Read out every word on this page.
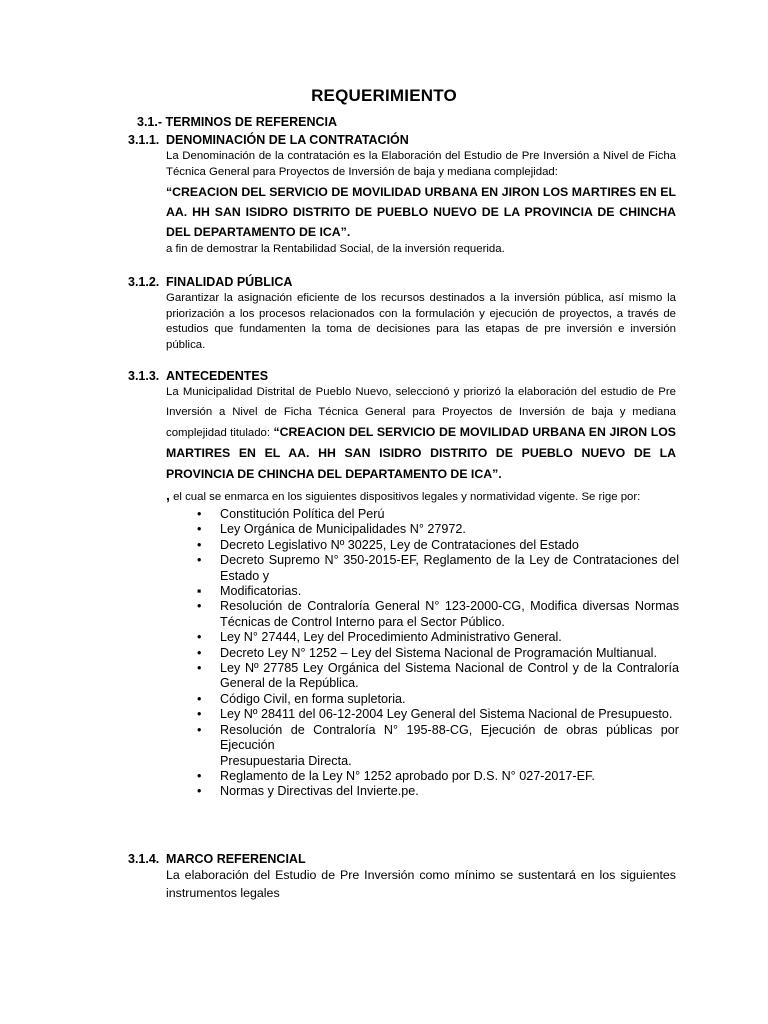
REQUERIMIENTO
3.1.- TERMINOS DE REFERENCIA
3.1.1. DENOMINACIÓN DE LA CONTRATACIÓN

La Denominación de la contratación es la Elaboración del Estudio de Pre Inversión a Nivel de Ficha Técnica General para Proyectos de Inversión de baja y mediana complejidad:

“CREACION DEL SERVICIO DE MOVILIDAD URBANA EN JIRON LOS MARTIRES EN EL AA. HH SAN ISIDRO DISTRITO DE PUEBLO NUEVO DE LA PROVINCIA DE CHINCHA DEL DEPARTAMENTO DE ICA”.

a fin de demostrar la Rentabilidad Social, de la inversión requerida.

3.1.2. FINALIDAD PÚBLICA

Garantizar la asignación eficiente de los recursos destinados a la inversión pública, así mismo la priorización a los procesos relacionados con la formulación y ejecución de proyectos, a través de estudios que fundamenten la toma de decisiones para las etapas de pre inversión e inversión pública.

3.1.3. ANTECEDENTES

La Municipalidad Distrital de Pueblo Nuevo, seleccionó y priorizó la elaboración del estudio de Pre Inversión a Nivel de Ficha Técnica General para Proyectos de Inversión de baja y mediana complejidad titulado: “CREACION DEL SERVICIO DE MOVILIDAD URBANA EN JIRON LOS MARTIRES EN EL AA. HH SAN ISIDRO DISTRITO DE PUEBLO NUEVO DE LA PROVINCIA DE CHINCHA DEL DEPARTAMENTO DE ICA”.

, el cual se enmarca en los siguientes dispositivos legales y normatividad vigente. Se rige por:

• Constitución Política del Perú
• Ley Orgánica de Municipalidades N° 27972.
• Decreto Legislativo Nº 30225, Ley de Contrataciones del Estado
• Decreto Supremo N° 350-2015-EF, Reglamento de la Ley de Contrataciones del Estado y
▪ Modificatorias.
• Resolución de Contraloría General N° 123-2000-CG, Modifica diversas Normas Técnicas de Control Interno para el Sector Público.
• Ley N° 27444, Ley del Procedimiento Administrativo General.
• Decreto Ley N° 1252 – Ley del Sistema Nacional de Programación Multianual.
• Ley Nº 27785 Ley Orgánica del Sistema Nacional de Control y de la Contraloría General de la República.
• Código Civil, en forma supletoria.
• Ley Nº 28411 del 06-12-2004 Ley General del Sistema Nacional de Presupuesto.
• Resolución de Contraloría N° 195-88-CG, Ejecución de obras públicas por Ejecución
Presupuestaria Directa.
• Reglamento de la Ley N° 1252 aprobado por D.S. N° 027-2017-EF.
• Normas y Directivas del Invierte.pe.
3.1.4. MARCO REFERENCIAL

La elaboración del Estudio de Pre Inversión como mínimo se sustentará en los siguientes instrumentos legales
